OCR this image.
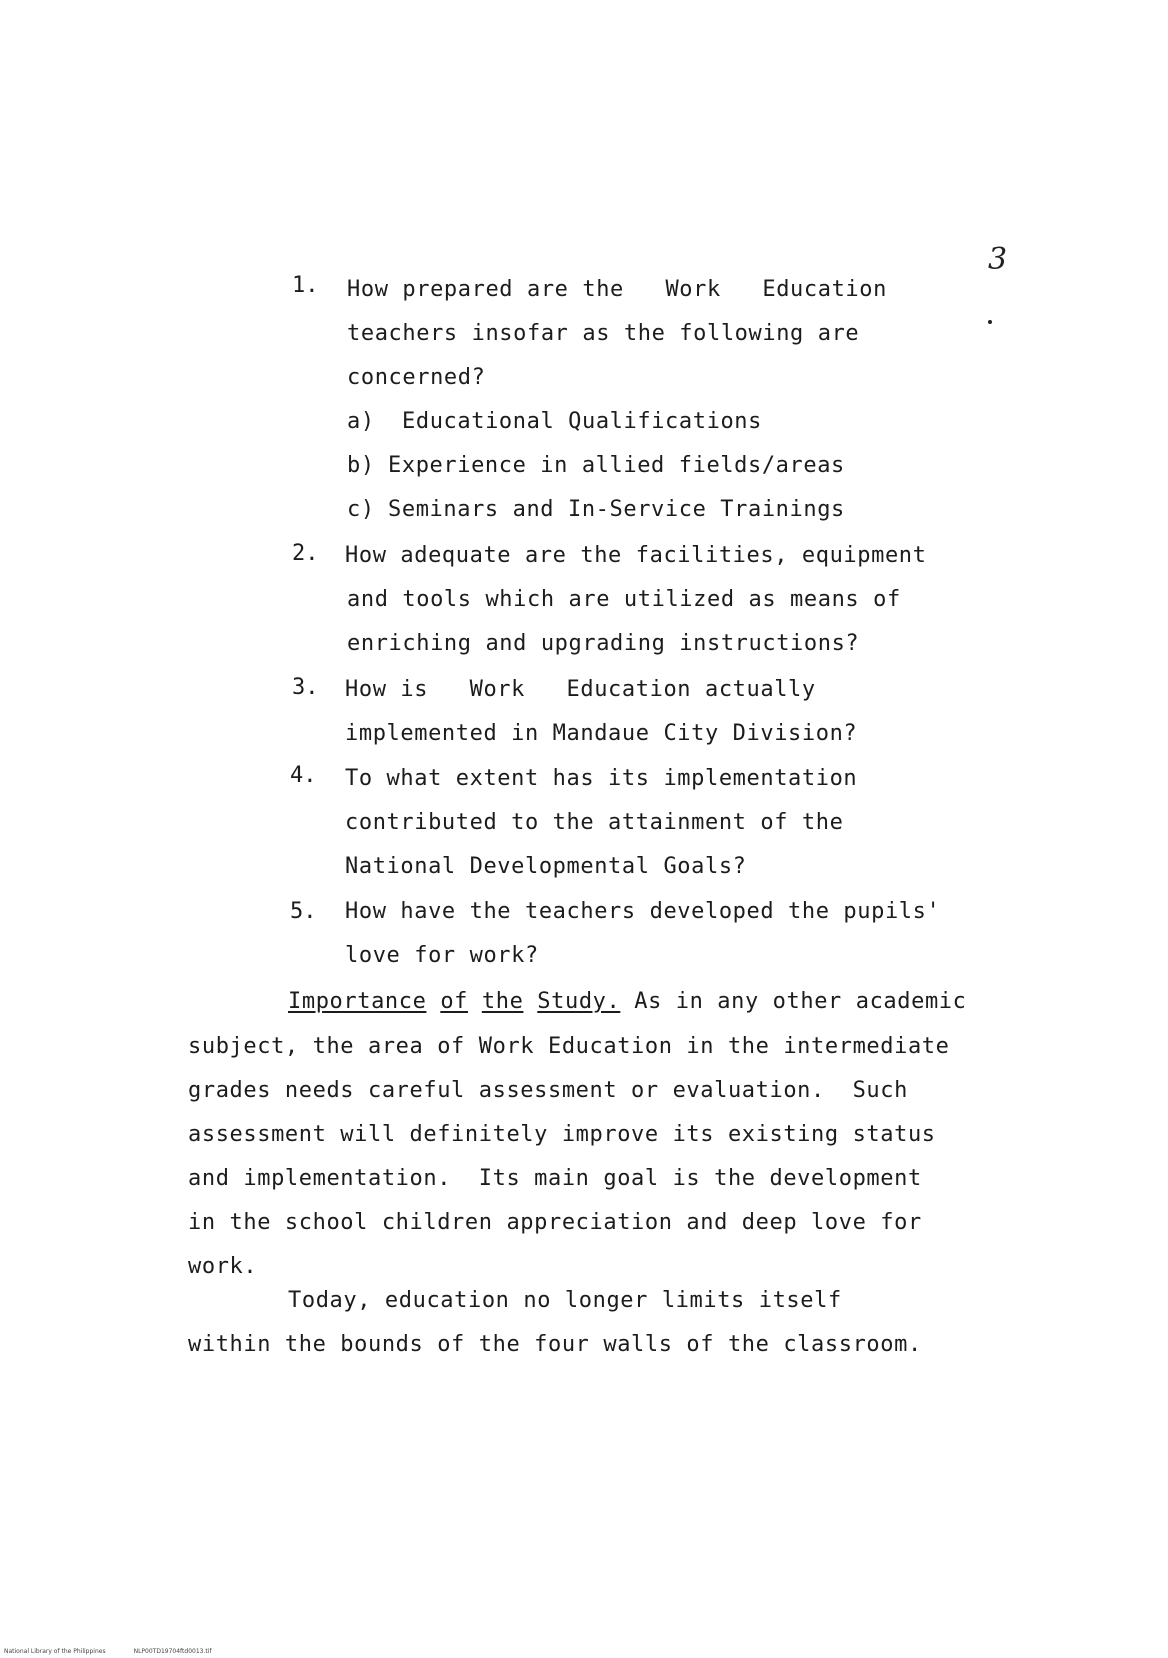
3
1. How prepared are the   Work   Education
teachers insofar as the following are
concerned?
a) Educational Qualifications
b) Experience in allied fields/areas
c) Seminars and In-Service Trainings
2. How adequate are the facilities, equipment
and tools which are utilized as means of
enriching and upgrading instructions?
3. How is   Work   Education actually
implemented in Mandaue City Division?
4. To what extent has its implementation
contributed to the attainment of the
National Developmental Goals?
5. How have the teachers developed the pupils'
love for work?
Importance of the Study. As in any other academic
subject, the area of Work Education in the intermediate
grades needs careful assessment or evaluation.  Such
assessment will definitely improve its existing status
and implementation.  Its main goal is the development
in the school children appreciation and deep love for
work.
Today, education no longer limits itself
within the bounds of the four walls of the classroom.
National Library of the Philippines	NLP00TD19704ftd0013.tif
